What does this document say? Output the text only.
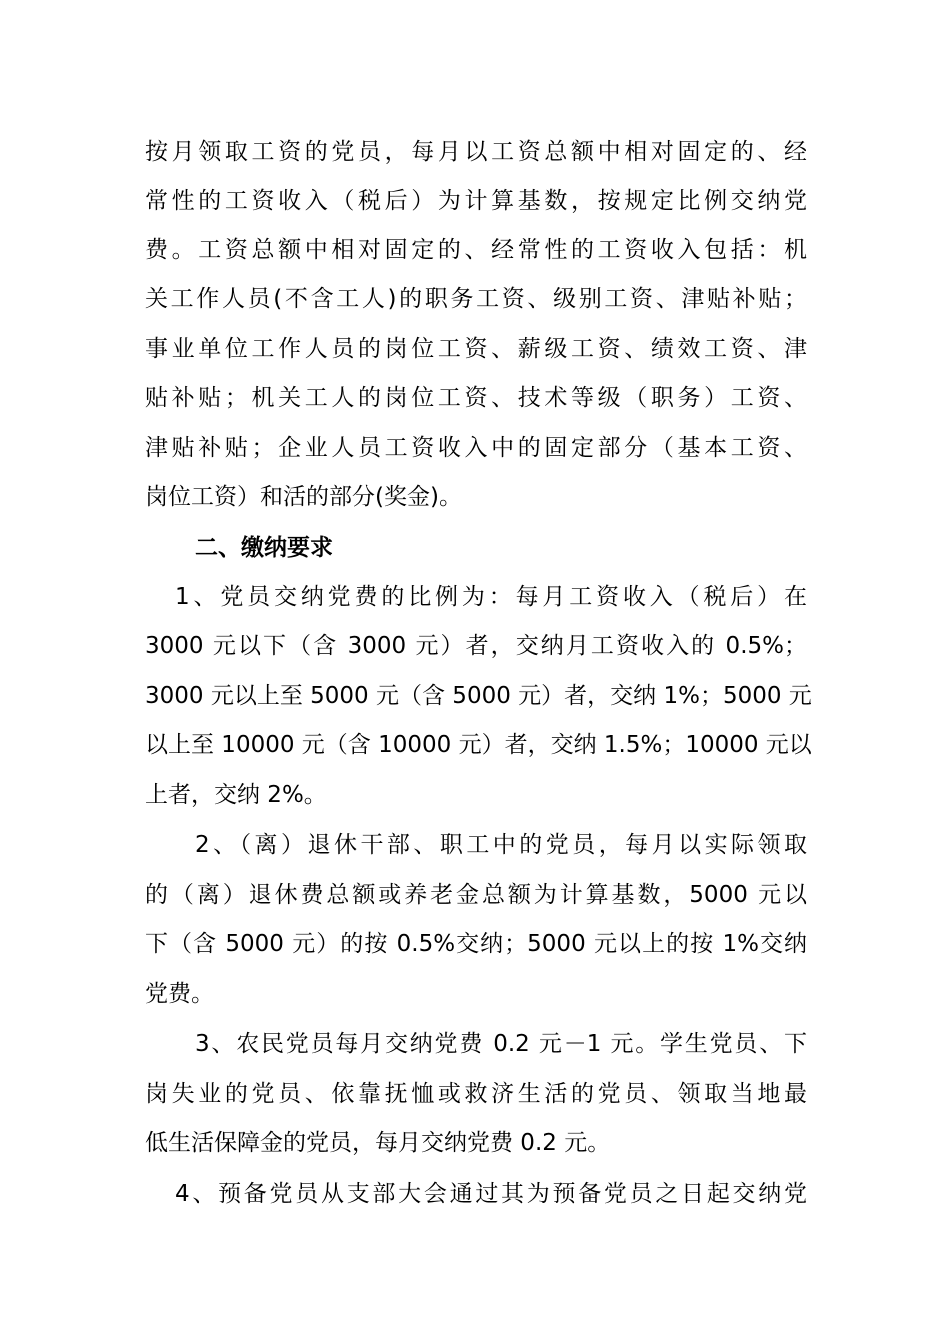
按月领取工资的党员，每月以工资总额中相对固定的、经
常性的工资收入（税后）为计算基数，按规定比例交纳党
费。工资总额中相对固定的、经常性的工资收入包括：机
关工作人员(不含工人)的职务工资、级别工资、津贴补贴；
事业单位工作人员的岗位工资、薪级工资、绩效工资、津
贴补贴；机关工人的岗位工资、技术等级（职务）工资、
津贴补贴；企业人员工资收入中的固定部分（基本工资、
岗位工资）和活的部分(奖金)。
二、缴纳要求
1、党员交纳党费的比例为：每月工资收入（税后）在
3000 元以下（含 3000 元）者，交纳月工资收入的 0.5%；
3000 元以上至 5000 元（含 5000 元）者，交纳 1%；5000 元
以上至 10000 元（含 10000 元）者，交纳 1.5%；10000 元以
上者，交纳 2%。
2、（离）退休干部、职工中的党员，每月以实际领取
的（离）退休费总额或养老金总额为计算基数，5000 元以
下（含 5000 元）的按 0.5%交纳；5000 元以上的按 1%交纳
党费。
3、农民党员每月交纳党费 0.2 元－1 元。学生党员、下
岗失业的党员、依靠抚恤或救济生活的党员、领取当地最
低生活保障金的党员，每月交纳党费 0.2 元。
4、预备党员从支部大会通过其为预备党员之日起交纳党
